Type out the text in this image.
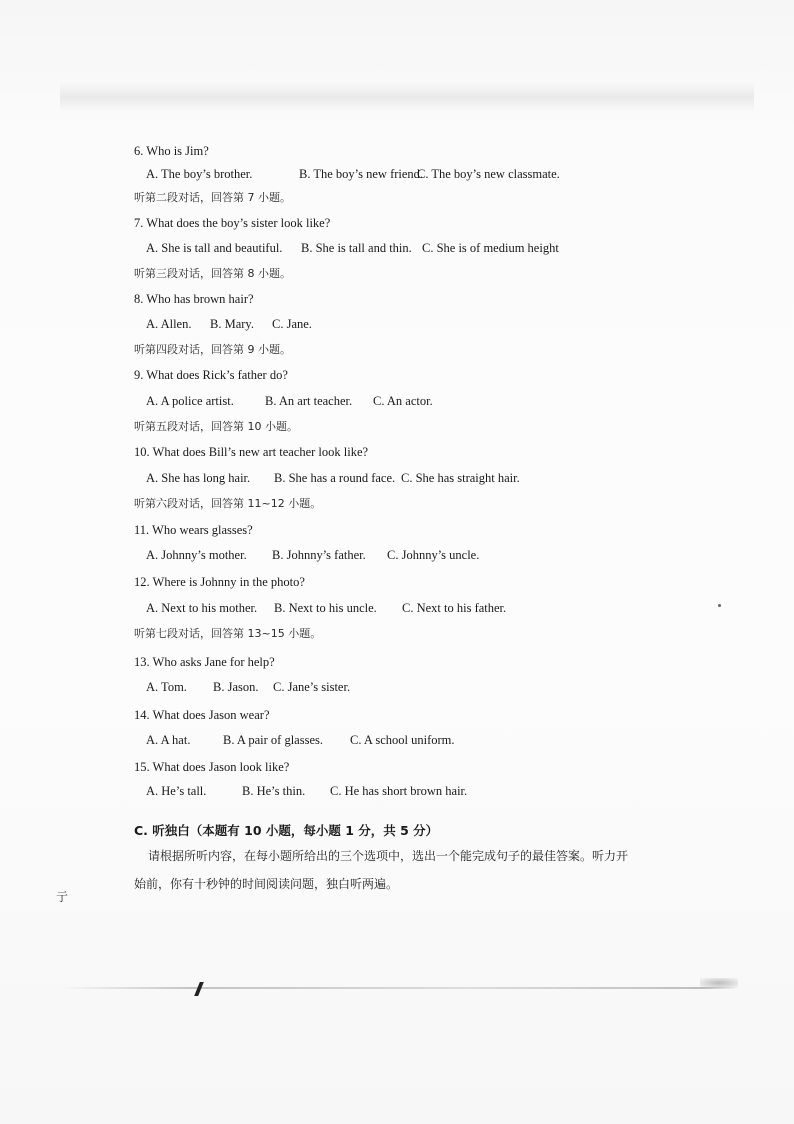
6. Who is Jim?
A. The boy’s brother.	B. The boy’s new friend.
C. The boy’s new classmate.
听第二段对话，回答第 7 小题。
7. What does the boy’s sister look like?
A. She is tall and beautiful. B. She is tall and thin. C. She is of medium height
听第三段对话，回答第 8 小题。
8. Who has brown hair?
A. Allen. B. Mary. C. Jane.
听第四段对话，回答第 9 小题。
9. What does Rick’s father do?
A. A police artist. B. An art teacher. C. An actor.
听第五段对话，回答第 10 小题。
10. What does Bill’s new art teacher look like?
A. She has long hair. B. She has a round face. C. She has straight hair.
听第六段对话，回答第 11~12 小题。
11. Who wears glasses?
A. Johnny’s mother. B. Johnny’s father. C. Johnny’s uncle.
12. Where is Johnny in the photo?
A. Next to his mother. B. Next to his uncle. C. Next to his father.
听第七段对话，回答第 13~15 小题。
13. Who asks Jane for help?
A. Tom. B. Jason. C. Jane’s sister.
14. What does Jason wear?
A. A hat.	B. A pair of glasses. C. A school uniform.
15. What does Jason look like?
A. He’s tall.	B. He’s thin. C. He has short brown hair.
C. 听独白（本题有 10 小题，每小题 1 分，共 5 分）
请根据所听内容，在每小题所给出的三个选项中，选出一个能完成句子的最佳答案。听力开
始前，你有十秒钟的时间阅读问题，独白听两遍。
亍
